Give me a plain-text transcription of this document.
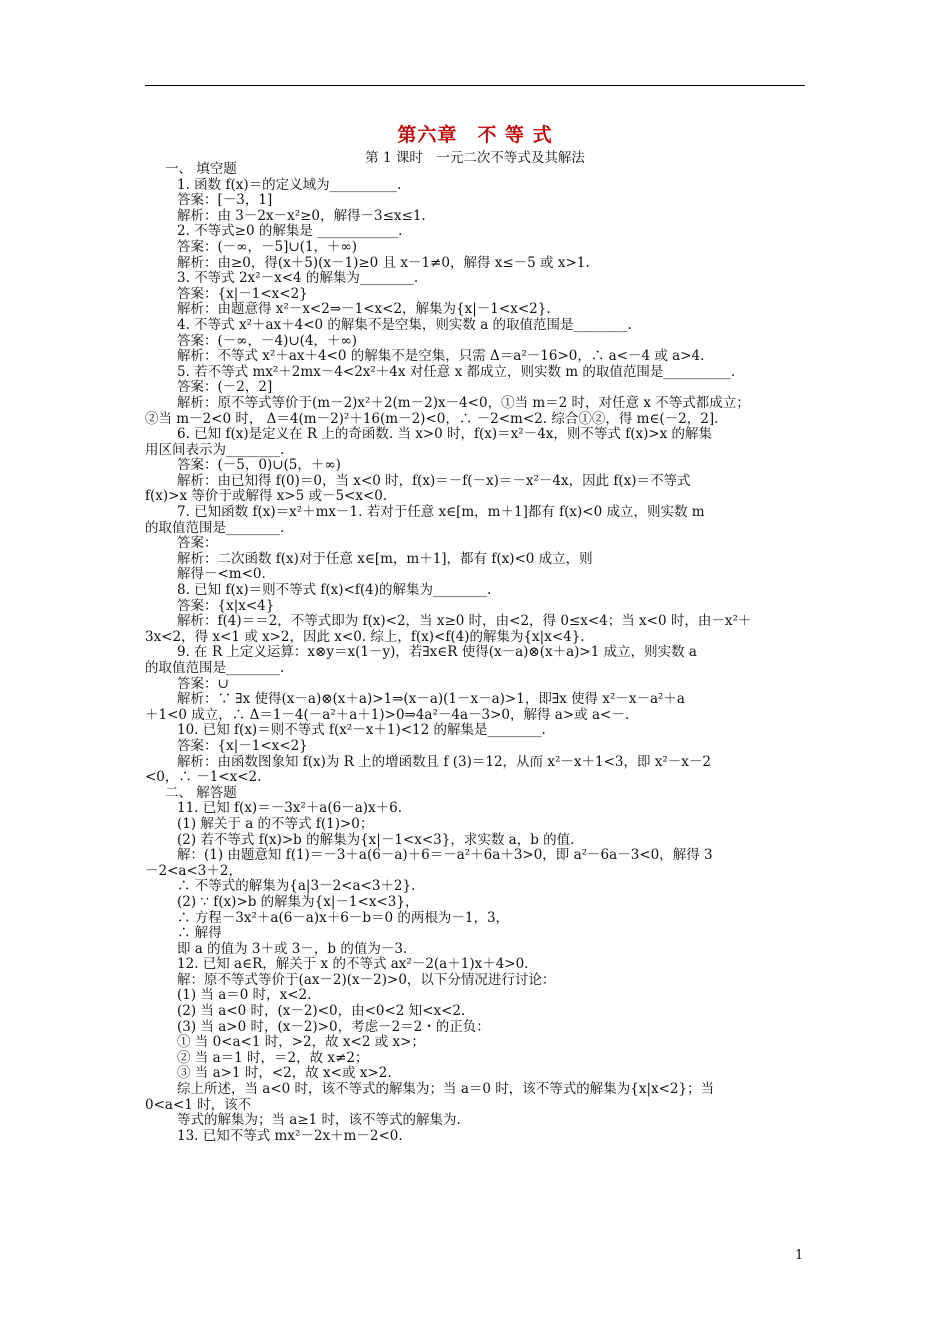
第六章　不 等 式
第 1 课时　一元二次不等式及其解法
一、 填空题
1. 函数 f(x)＝的定义域为__________.
答案：[－3，1]
解析：由 3－2x－x²≥0，解得－3≤x≤1.
2. 不等式≥0 的解集是 ____________.
答案：(－∞，－5]∪(1，＋∞)
解析：由≥0，得(x＋5)(x－1)≥0 且 x－1≠0，解得 x≤－5 或 x>1.
3. 不等式 2x²－x<4 的解集为________.
答案：{x|－1<x<2}
解析：由题意得 x²－x<2⇒－1<x<2，解集为{x|－1<x<2}.
4. 不等式 x²＋ax＋4<0 的解集不是空集，则实数 a 的取值范围是________.
答案：(－∞，－4)∪(4，＋∞)
解析：不等式 x²＋ax＋4<0 的解集不是空集，只需 Δ＝a²－16>0，∴ a<－4 或 a>4.
5. 若不等式 mx²＋2mx－4<2x²＋4x 对任意 x 都成立，则实数 m 的取值范围是__________.
答案：(－2，2]
解析：原不等式等价于(m－2)x²＋2(m－2)x－4<0，①当 m＝2 时，对任意 x 不等式都成立；
②当 m－2<0 时， Δ＝4(m－2)²＋16(m－2)<0，∴ －2<m<2. 综合①②，得 m∈(－2，2].
6. 已知 f(x)是定义在 R 上的奇函数. 当 x>0 时，f(x)＝x²－4x，则不等式 f(x)>x 的解集
用区间表示为________.
答案：(－5，0)∪(5，＋∞)
解析：由已知得 f(0)＝0，当 x<0 时，f(x)＝－f(－x)＝－x²－4x，因此 f(x)＝不等式
f(x)>x 等价于或解得 x>5 或－5<x<0.
7. 已知函数 f(x)＝x²＋mx－1. 若对于任意 x∈[m，m＋1]都有 f(x)<0 成立，则实数 m
的取值范围是________.
答案：
解析：二次函数 f(x)对于任意 x∈[m，m＋1]，都有 f(x)<0 成立，则
解得－<m<0.
8. 已知 f(x)＝则不等式 f(x)<f(4)的解集为________.
答案：{x|x<4}
解析：f(4)＝＝2，不等式即为 f(x)<2，当 x≥0 时，由<2，得 0≤x<4；当 x<0 时，由－x²＋
3x<2，得 x<1 或 x>2，因此 x<0. 综上，f(x)<f(4)的解集为{x|x<4}.
9. 在 R 上定义运算：x⊗y＝x(1－y)，若∃x∈R 使得(x－a)⊗(x＋a)>1 成立，则实数 a
的取值范围是________.
答案：∪
解析：∵ ∃x 使得(x－a)⊗(x＋a)>1⇒(x－a)(1－x－a)>1，即∃x 使得 x²－x－a²＋a
＋1<0 成立，∴ Δ＝1－4(－a²＋a＋1)>0⇒4a²－4a－3>0，解得 a>或 a<－.
10. 已知 f(x)＝则不等式 f(x²－x＋1)<12 的解集是________.
答案：{x|－1<x<2}
解析：由函数图象知 f(x)为 R 上的增函数且 f (3)＝12，从而 x²－x＋1<3，即 x²－x－2
<0，∴ －1<x<2.
二、 解答题
11. 已知 f(x)＝－3x²＋a(6－a)x＋6.
(1) 解关于 a 的不等式 f(1)>0；
(2) 若不等式 f(x)>b 的解集为{x|－1<x<3}，求实数 a，b 的值.
解：(1) 由题意知 f(1)＝－3＋a(6－a)＋6＝－a²＋6a＋3>0，即 a²－6a－3<0，解得 3
－2<a<3＋2，
∴ 不等式的解集为{a|3－2<a<3＋2}.
(2) ∵ f(x)>b 的解集为{x|－1<x<3}，
∴ 方程－3x²＋a(6－a)x＋6－b＝0 的两根为－1，3，
∴ 解得
即 a 的值为 3＋或 3－，b 的值为－3.
12. 已知 a∈R，解关于 x 的不等式 ax²－2(a＋1)x＋4>0.
解：原不等式等价于(ax－2)(x－2)>0，以下分情况进行讨论：
(1) 当 a＝0 时，x<2.
(2) 当 a<0 时，(x－2)<0，由<0<2 知<x<2.
(3) 当 a>0 时，(x－2)>0，考虑－2＝2・的正负：
① 当 0<a<1 时，>2，故 x<2 或 x>；
② 当 a＝1 时，＝2，故 x≠2；
③ 当 a>1 时，<2，故 x<或 x>2.
综上所述，当 a<0 时，该不等式的解集为；当 a＝0 时，该不等式的解集为{x|x<2}；当
0<a<1 时，该不
等式的解集为；当 a≥1 时，该不等式的解集为.
13. 已知不等式 mx²－2x＋m－2<0.
1
